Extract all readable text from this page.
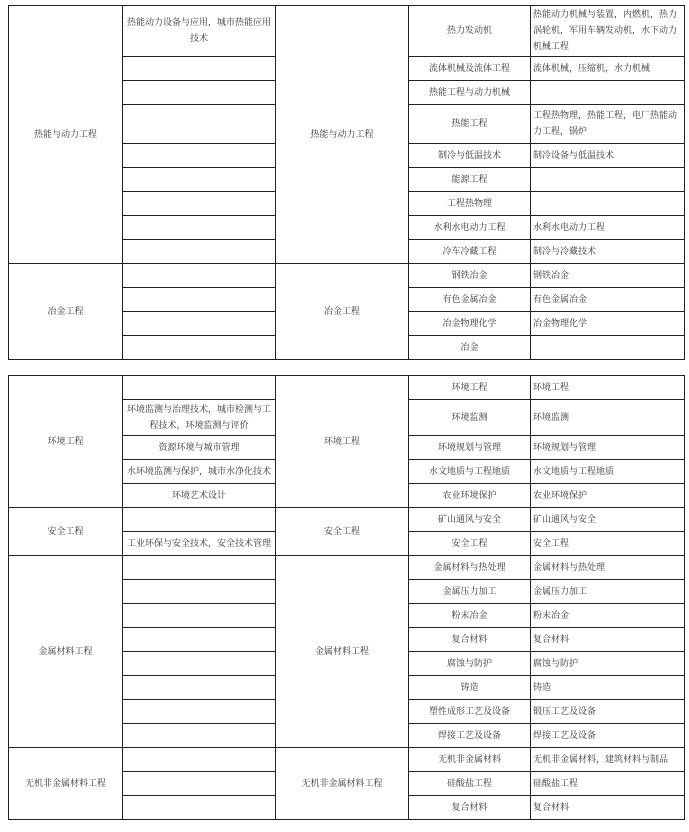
热能与动力工程	热能动力设备与应用，城市热能应用技术	热能与动力工程	热力发动机	热能动力机械与装置，内燃机，热力涡轮机，军用车辆发动机，水下动力机械工程
			流体机械及流体工程	流体机械，压缩机，水力机械
			热能工程与动力机械	
			热能工程	工程热物理，热能工程，电厂热能动力工程，锅炉
			制冷与低温技术	制冷设备与低温技术
			能源工程	
			工程热物理	
			水利水电动力工程	水利水电动力工程
			冷车冷藏工程	制冷与冷藏技术
冶金工程		冶金工程	钢铁冶金	钢铁冶金
			有色金属冶金	有色金属冶金
			冶金物理化学	冶金物理化学
			冶金	
环境工程		环境工程	环境工程	环境工程
	环境监测与治理技术，城市检测与工程技术，环境监测与评价		环境监测	环境监测
	资源环境与城市管理		环境规划与管理	环境规划与管理
	水环境监测与保护，城市水净化技术		水文地质与工程地质	水文地质与工程地质
	环境艺术设计		农业环境保护	农业环境保护
安全工程		安全工程	矿山通风与安全	矿山通风与安全
	工业环保与安全技术，安全技术管理		安全工程	安全工程
金属材料工程		金属材料工程	金属材料与热处理	金属材料与热处理
			金属压力加工	金属压力加工
			粉末冶金	粉末冶金
			复合材料	复合材料
			腐蚀与防护	腐蚀与防护
			铸造	铸造
			塑性成形工艺及设备	锻压工艺及设备
			焊接工艺及设备	焊接工艺及设备
无机非金属材料工程		无机非金属材料工程	无机非金属材料	无机非金属材料，建筑材料与制品
			硅酸盐工程	硅酸盐工程
			复合材料	复合材料
